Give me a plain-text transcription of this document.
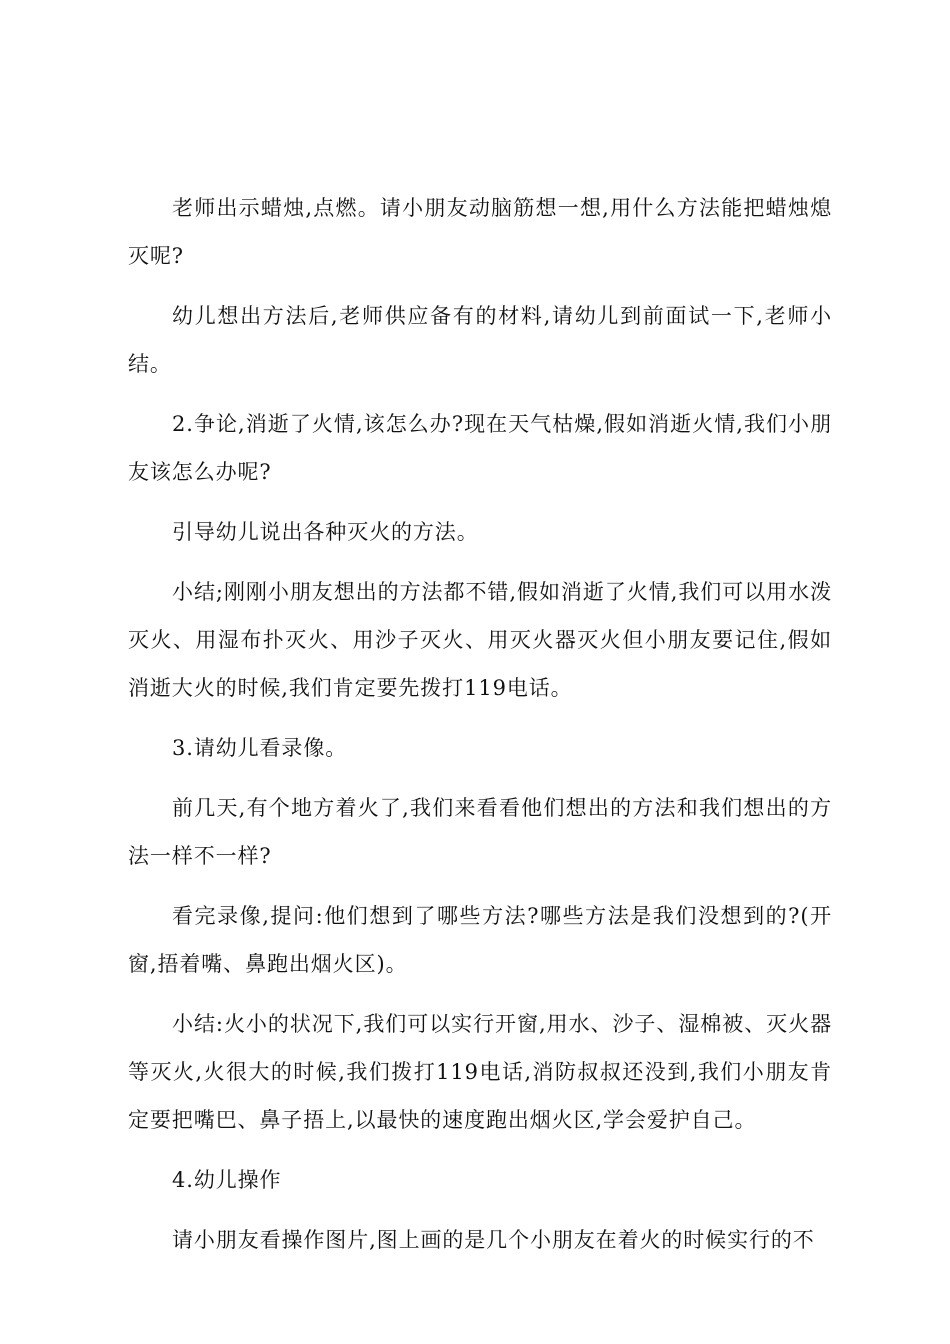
老师出示蜡烛,点燃。请小朋友动脑筋想一想,用什么方法能把蜡烛熄灭呢?

幼儿想出方法后,老师供应备有的材料,请幼儿到前面试一下,老师小结。

2.争论,消逝了火情,该怎么办?现在天气枯燥,假如消逝火情,我们小朋友该怎么办呢?

引导幼儿说出各种灭火的方法。

小结;刚刚小朋友想出的方法都不错,假如消逝了火情,我们可以用水泼灭火、用湿布扑灭火、用沙子灭火、用灭火器灭火但小朋友要记住,假如消逝大火的时候,我们肯定要先拨打119电话。

3.请幼儿看录像。

前几天,有个地方着火了,我们来看看他们想出的方法和我们想出的方法一样不一样?

看完录像,提问:他们想到了哪些方法?哪些方法是我们没想到的?(开窗,捂着嘴、鼻跑出烟火区)。

小结:火小的状况下,我们可以实行开窗,用水、沙子、湿棉被、灭火器等灭火,火很大的时候,我们拨打119电话,消防叔叔还没到,我们小朋友肯定要把嘴巴、鼻子捂上,以最快的速度跑出烟火区,学会爱护自己。

4.幼儿操作

请小朋友看操作图片,图上画的是几个小朋友在着火的时候实行的不
